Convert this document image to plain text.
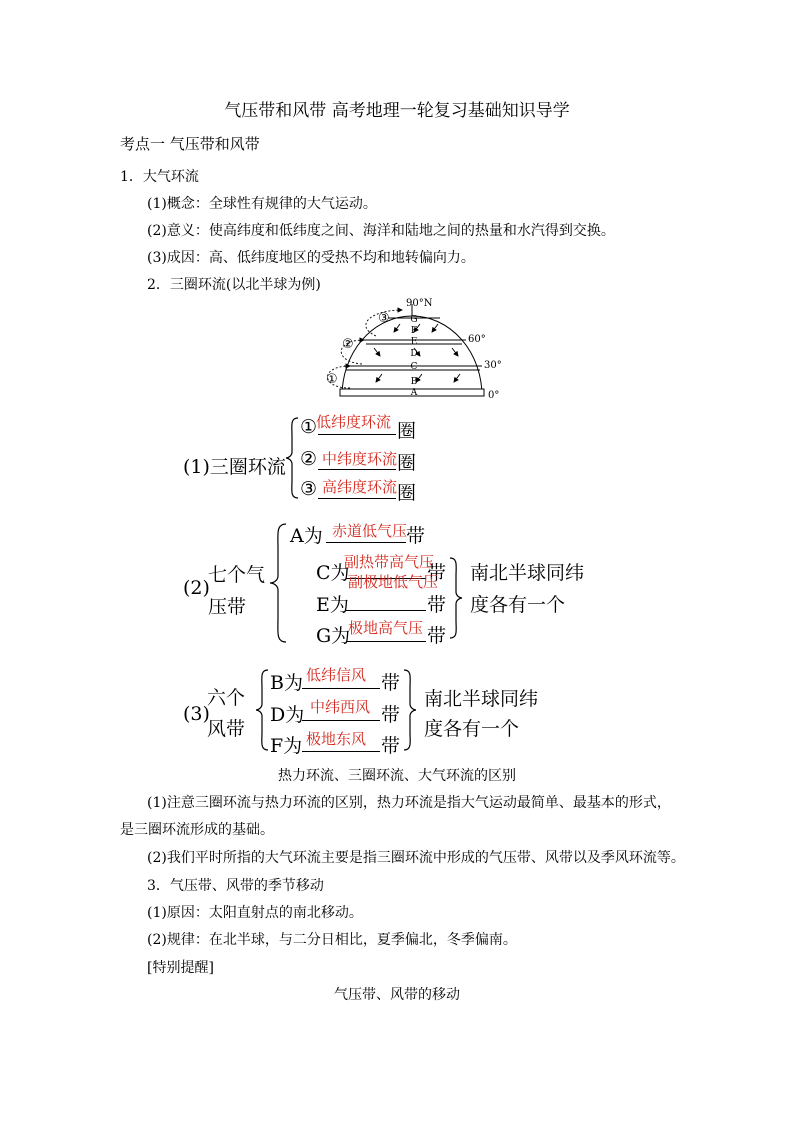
气压带和风带 高考地理一轮复习基础知识导学
考点一 气压带和风带
1．大气环流
(1)概念：全球性有规律的大气运动。
(2)意义：使高纬度和低纬度之间、海洋和陆地之间的热量和水汽得到交换。
(3)成因：高、低纬度地区的受热不均和地转偏向力。
2．三圈环流(以北半球为例)
①
②
③ G
F
E
D
C
B
A
90°N
60°
30°
0°
(1)三圈环流
①
低纬度环流 圈
② 中纬度环流 圈
③ 高纬度环流 圈
七个气
(2)
压带
A为 赤道低气压
带
C为
副热带高气压
带
E为
副极地低气压
带
G为
极地高气压 带
南北半球同纬
度各有一个
六个
(3)
风带
B为 低纬信风 带
D为 中纬西风 带
F为 极地东风 带
南北半球同纬
度各有一个
热力环流、三圈环流、大气环流的区别
(1)注意三圈环流与热力环流的区别，热力环流是指大气运动最简单、最基本的形式，
是三圈环流形成的基础。
(2)我们平时所指的大气环流主要是指三圈环流中形成的气压带、风带以及季风环流等。
3．气压带、风带的季节移动
(1)原因：太阳直射点的南北移动。
(2)规律：在北半球，与二分日相比，夏季偏北，冬季偏南。
[特别提醒]
气压带、风带的移动
